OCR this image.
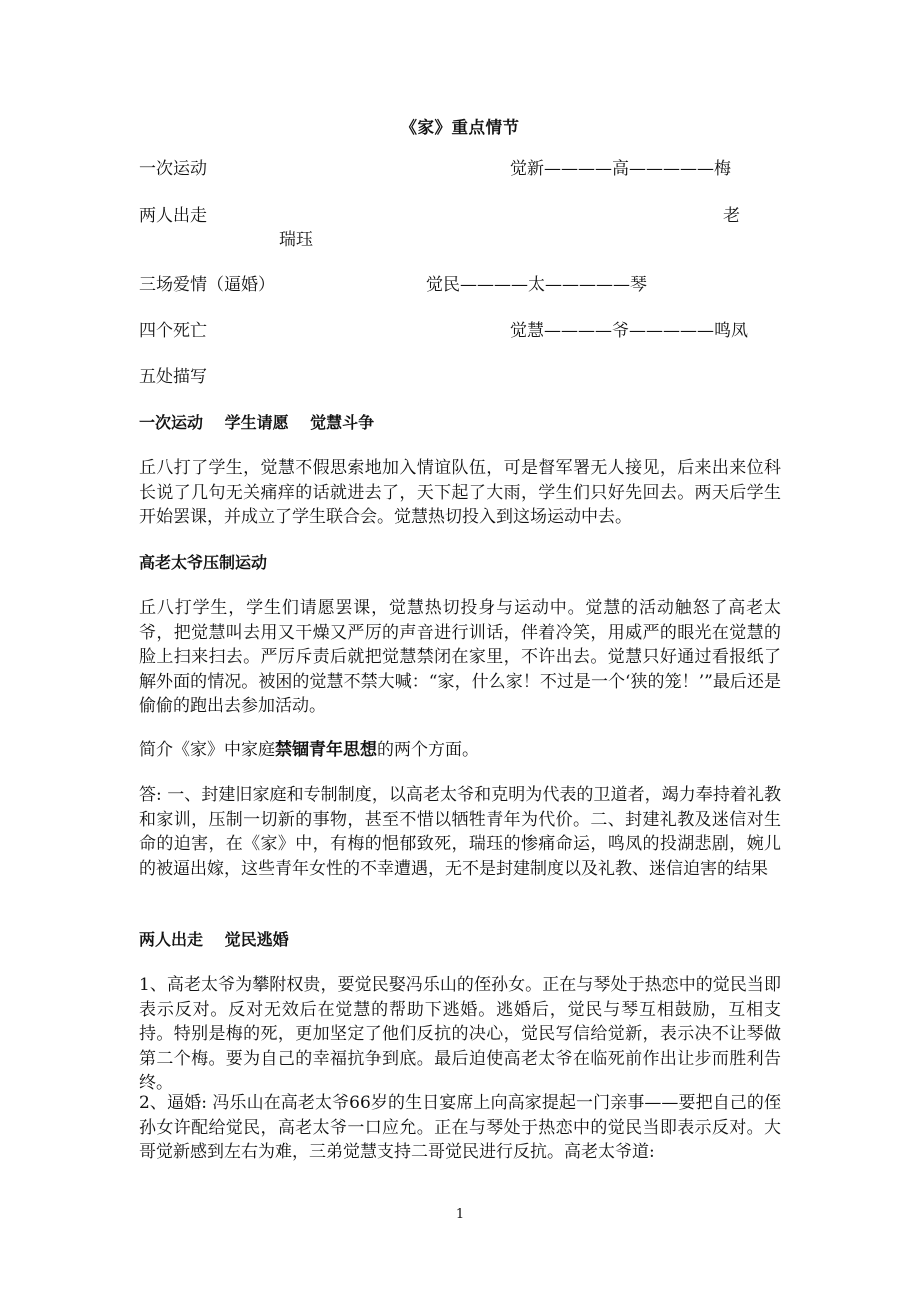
《家》重点情节
一次运动	觉新————高—————梅
两人出走	老
瑞珏
三场爱情（逼婚）	觉民————太—————琴
四个死亡	觉慧————爷—————鸣凤
五处描写
一次运动　 学生请愿　 觉慧斗争

丘八打了学生，觉慧不假思索地加入情谊队伍，可是督军署无人接见，后来出来位科长说了几句无关痛痒的话就进去了，天下起了大雨，学生们只好先回去。两天后学生开始罢课，并成立了学生联合会。觉慧热切投入到这场运动中去。

高老太爷压制运动

丘八打学生，学生们请愿罢课，觉慧热切投身与运动中。觉慧的活动触怒了高老太爷，把觉慧叫去用又干燥又严厉的声音进行训话，伴着冷笑，用威严的眼光在觉慧的脸上扫来扫去。严厉斥责后就把觉慧禁闭在家里，不许出去。觉慧只好通过看报纸了解外面的情况。被困的觉慧不禁大喊：“家，什么家！不过是一个‘狭的笼！’”最后还是偷偷的跑出去参加活动。

简介《家》中家庭禁锢青年思想的两个方面。

答: 一、封建旧家庭和专制制度，以高老太爷和克明为代表的卫道者，竭力奉持着礼教和家训，压制一切新的事物，甚至不惜以牺牲青年为代价。二、封建礼教及迷信对生命的迫害，在《家》中，有梅的悒郁致死，瑞珏的惨痛命运，鸣凤的投湖悲剧，婉儿的被逼出嫁，这些青年女性的不幸遭遇，无不是封建制度以及礼教、迷信迫害的结果

两人出走　 觉民逃婚

1、高老太爷为攀附权贵，要觉民娶冯乐山的侄孙女。正在与琴处于热恋中的觉民当即表示反对。反对无效后在觉慧的帮助下逃婚。逃婚后，觉民与琴互相鼓励，互相支持。特别是梅的死，更加坚定了他们反抗的决心，觉民写信给觉新，表示决不让琴做第二个梅。要为自己的幸福抗争到底。最后迫使高老太爷在临死前作出让步而胜利告终。

2、逼婚: 冯乐山在高老太爷66岁的生日宴席上向高家提起一门亲事——要把自己的侄孙女许配给觉民，高老太爷一口应允。正在与琴处于热恋中的觉民当即表示反对。大哥觉新感到左右为难，三弟觉慧支持二哥觉民进行反抗。高老太爷道:

1
